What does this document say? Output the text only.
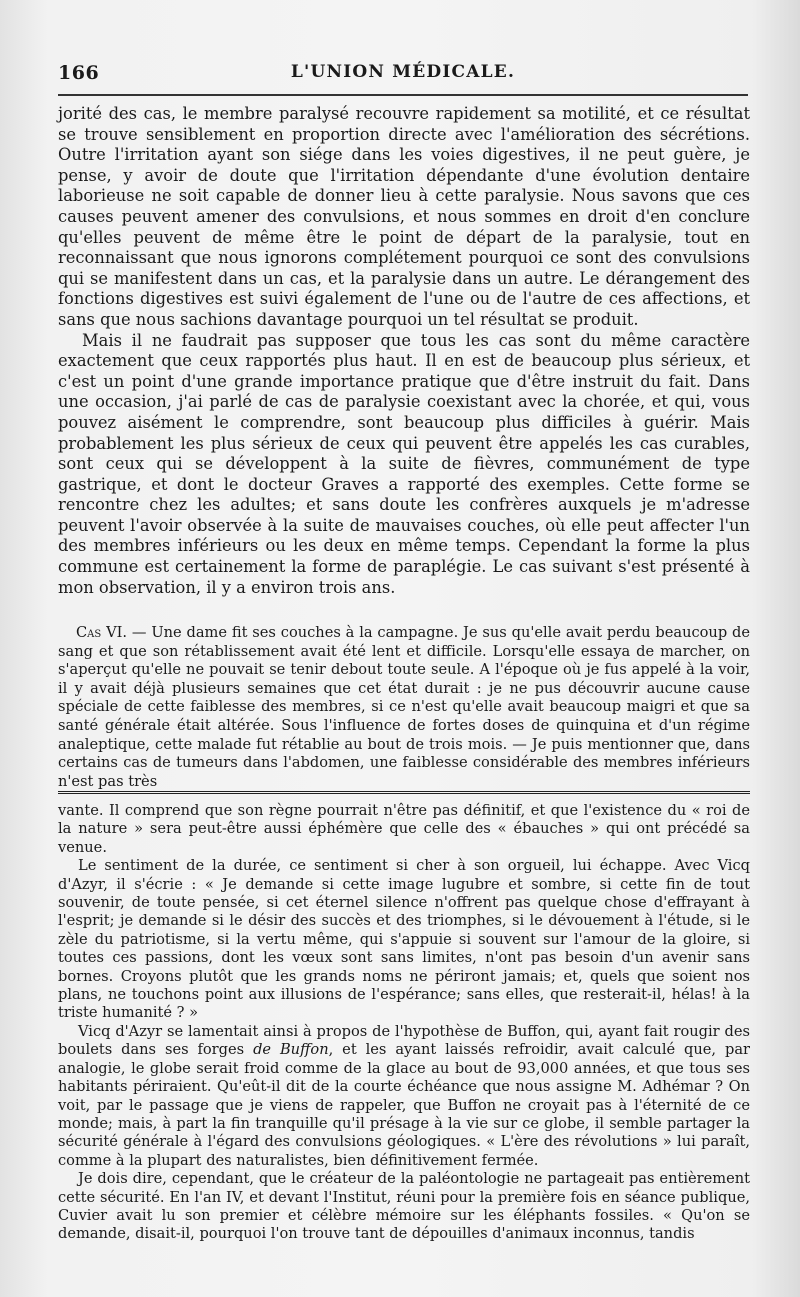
166	L'UNION MÉDICALE.

jorité des cas, le membre paralysé recouvre rapidement sa motilité, et ce résultat se trouve sensiblement en proportion directe avec l'amélioration des sécrétions. Outre l'irritation ayant son siége dans les voies digestives, il ne peut guère, je pense, y avoir de doute que l'irritation dépendante d'une évolution dentaire laborieuse ne soit capable de donner lieu à cette paralysie. Nous savons que ces causes peuvent amener des convulsions, et nous sommes en droit d'en conclure qu'elles peuvent de même être le point de départ de la paralysie, tout en reconnaissant que nous ignorons complétement pourquoi ce sont des convulsions qui se manifestent dans un cas, et la paralysie dans un autre. Le dérangement des fonctions digestives est suivi également de l'une ou de l'autre de ces affections, et sans que nous sachions davantage pourquoi un tel résultat se produit.

Mais il ne faudrait pas supposer que tous les cas sont du même caractère exactement que ceux rapportés plus haut. Il en est de beaucoup plus sérieux, et c'est un point d'une grande importance pratique que d'être instruit du fait. Dans une occasion, j'ai parlé de cas de paralysie coexistant avec la chorée, et qui, vous pouvez aisément le comprendre, sont beaucoup plus difficiles à guérir. Mais probablement les plus sérieux de ceux qui peuvent être appelés les cas curables, sont ceux qui se développent à la suite de fièvres, communément de type gastrique, et dont le docteur Graves a rapporté des exemples. Cette forme se rencontre chez les adultes; et sans doute les confrères auxquels je m'adresse peuvent l'avoir observée à la suite de mauvaises couches, où elle peut affecter l'un des membres inférieurs ou les deux en même temps. Cependant la forme la plus commune est certainement la forme de paraplégie. Le cas suivant s'est présenté à mon observation, il y a environ trois ans.

Cas VI. — Une dame fit ses couches à la campagne. Je sus qu'elle avait perdu beaucoup de sang et que son rétablissement avait été lent et difficile. Lorsqu'elle essaya de marcher, on s'aperçut qu'elle ne pouvait se tenir debout toute seule. A l'époque où je fus appelé à la voir, il y avait déjà plusieurs semaines que cet état durait : je ne pus découvrir aucune cause spéciale de cette faiblesse des membres, si ce n'est qu'elle avait beaucoup maigri et que sa santé générale était altérée. Sous l'influence de fortes doses de quinquina et d'un régime analeptique, cette malade fut rétablie au bout de trois mois. — Je puis mentionner que, dans certains cas de tumeurs dans l'abdomen, une faiblesse considérable des membres inférieurs n'est pas très

vante. Il comprend que son règne pourrait n'être pas définitif, et que l'existence du « roi de la nature » sera peut-être aussi éphémère que celle des « ébauches » qui ont précédé sa venue.

Le sentiment de la durée, ce sentiment si cher à son orgueil, lui échappe. Avec Vicq d'Azyr, il s'écrie : « Je demande si cette image lugubre et sombre, si cette fin de tout souvenir, de toute pensée, si cet éternel silence n'offrent pas quelque chose d'effrayant à l'esprit; je demande si le désir des succès et des triomphes, si le dévouement à l'étude, si le zèle du patriotisme, si la vertu même, qui s'appuie si souvent sur l'amour de la gloire, si toutes ces passions, dont les vœux sont sans limites, n'ont pas besoin d'un avenir sans bornes. Croyons plutôt que les grands noms ne périront jamais; et, quels que soient nos plans, ne touchons point aux illusions de l'espérance; sans elles, que resterait-il, hélas! à la triste humanité ? »

Vicq d'Azyr se lamentait ainsi à propos de l'hypothèse de Buffon, qui, ayant fait rougir des boulets dans ses forges de Buffon, et les ayant laissés refroidir, avait calculé que, par analogie, le globe serait froid comme de la glace au bout de 93,000 années, et que tous ses habitants périraient. Qu'eût-il dit de la courte échéance que nous assigne M. Adhémar ? On voit, par le passage que je viens de rappeler, que Buffon ne croyait pas à l'éternité de ce monde; mais, à part la fin tranquille qu'il présage à la vie sur ce globe, il semble partager la sécurité générale à l'égard des convulsions géologiques. « L'ère des révolutions » lui paraît, comme à la plupart des naturalistes, bien définitivement fermée.

Je dois dire, cependant, que le créateur de la paléontologie ne partageait pas entièrement cette sécurité. En l'an IV, et devant l'Institut, réuni pour la première fois en séance publique, Cuvier avait lu son premier et célèbre mémoire sur les éléphants fossiles. « Qu'on se demande, disait-il, pourquoi l'on trouve tant de dépouilles d'animaux inconnus, tandis
